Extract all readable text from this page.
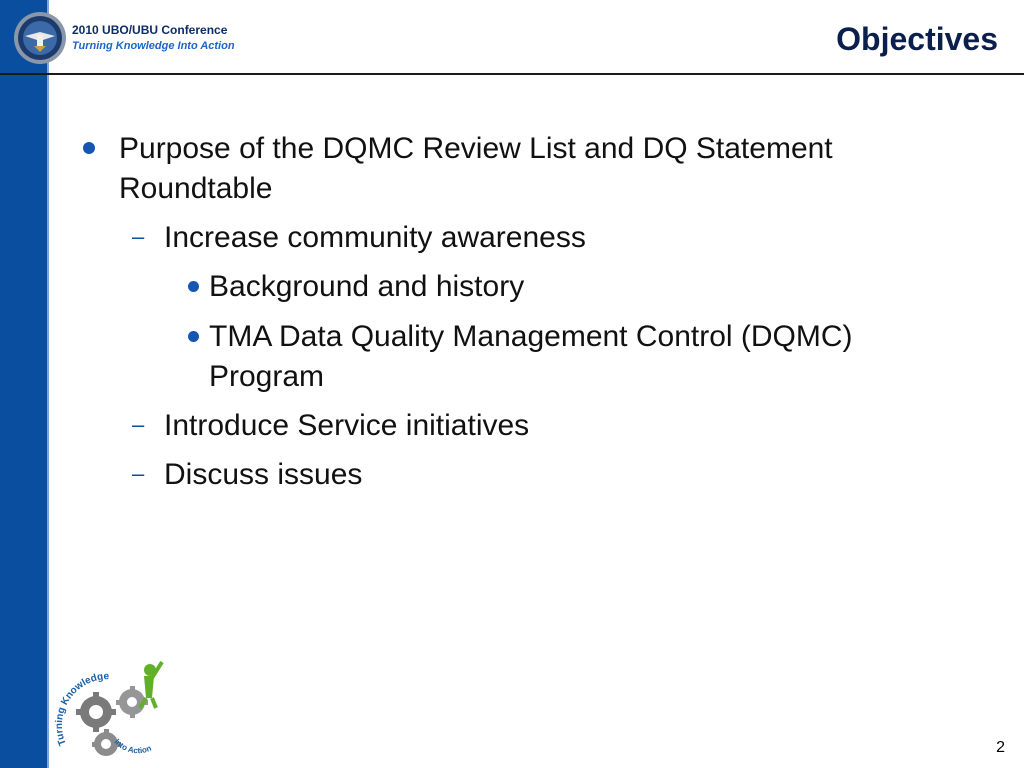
2010 UBO/UBU Conference
Turning Knowledge Into Action	Objectives
Purpose of the DQMC Review List and DQ Statement Roundtable
– Increase community awareness
Background and history
TMA Data Quality Management Control (DQMC) Program
– Introduce Service initiatives
– Discuss issues
Turning Knowledge
Into Action	2
